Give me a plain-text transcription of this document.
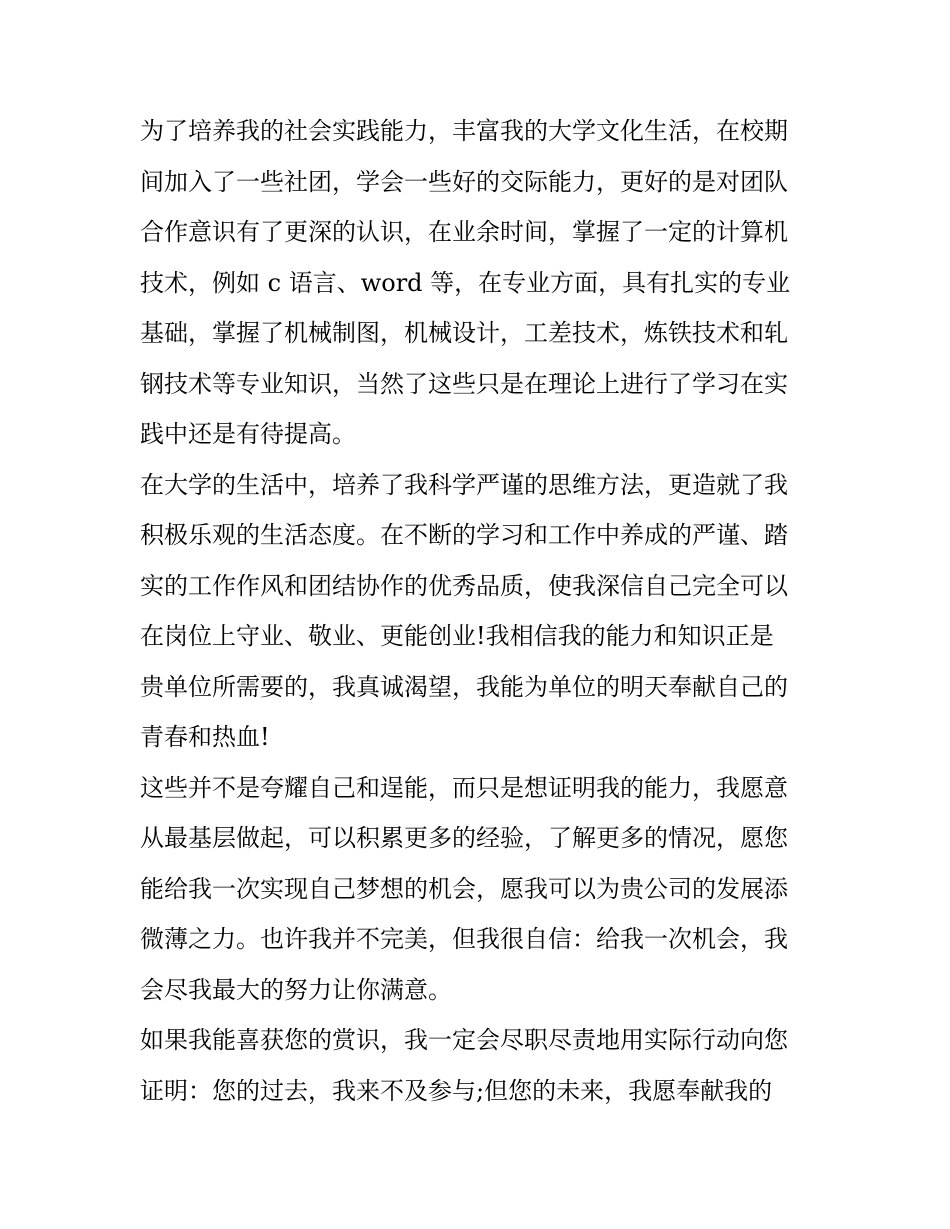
为了培养我的社会实践能力，丰富我的大学文化生活，在校期
间加入了一些社团，学会一些好的交际能力，更好的是对团队
合作意识有了更深的认识，在业余时间，掌握了一定的计算机
技术，例如 c 语言、word 等，在专业方面，具有扎实的专业
基础，掌握了机械制图，机械设计，工差技术，炼铁技术和轧
钢技术等专业知识，当然了这些只是在理论上进行了学习在实
践中还是有待提高。
在大学的生活中，培养了我科学严谨的思维方法，更造就了我
积极乐观的生活态度。在不断的学习和工作中养成的严谨、踏
实的工作作风和团结协作的优秀品质，使我深信自己完全可以
在岗位上守业、敬业、更能创业!我相信我的能力和知识正是
贵单位所需要的，我真诚渴望，我能为单位的明天奉献自己的
青春和热血!
这些并不是夸耀自己和逞能，而只是想证明我的能力，我愿意
从最基层做起，可以积累更多的经验，了解更多的情况，愿您
能给我一次实现自己梦想的机会，愿我可以为贵公司的发展添
微薄之力。也许我并不完美，但我很自信：给我一次机会，我
会尽我最大的努力让你满意。
如果我能喜获您的赏识，我一定会尽职尽责地用实际行动向您
证明：您的过去，我来不及参与;但您的未来，我愿奉献我的
